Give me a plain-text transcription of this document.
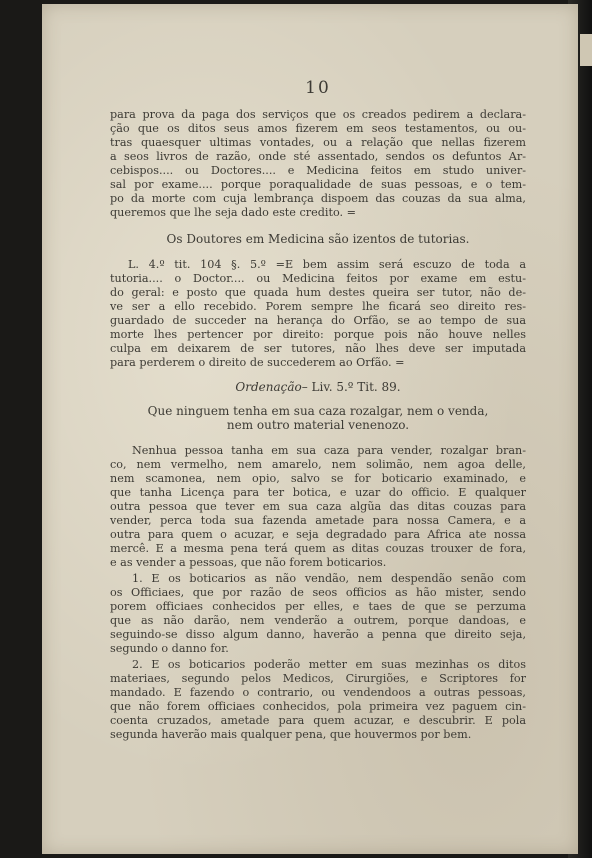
10
para prova da paga dos serviços que os creados pedirem a declara-
ção que os ditos seus amos fizerem em seos testamentos, ou ou-
tras quaesquer ultimas vontades, ou a relação que nellas fizerem
a seos livros de razão, onde sté assentado, sendos os defuntos Ar-
cebispos.... ou Doctores.... e Medicina feitos em studo univer-
sal por exame.... porque poraqualidade de suas pessoas, e o tem-
po da morte com cuja lembrança dispoem das couzas da sua alma,
queremos que lhe seja dado este credito. =
Os Doutores em Medicina são izentos de tutorias.
L. 4.º tit. 104 §. 5.º =E bem assim será escuzo de toda a
tutoria.... o Doctor.... ou Medicina feitos por exame em estu-
do geral: e posto que quada hum destes queira ser tutor, não de-
ve ser a ello recebido. Porem sempre lhe ficará seo direito res-
guardado de succeder na herança do Orfão, se ao tempo de sua
morte lhes pertencer por direito: porque pois não houve nelles
culpa em deixarem de ser tutores, não lhes deve ser imputada
para perderem o direito de succederem ao Orfão. =
Ordenação– Liv. 5.º Tit. 89.
Que ninguem tenha em sua caza rozalgar, nem o venda,
nem outro material venenozo.
Nenhua pessoa tanha em sua caza para vender, rozalgar bran-
co, nem vermelho, nem amarelo, nem solimão, nem agoa delle,
nem scamonea, nem opio, salvo se for boticario examinado, e
que tanha Licença para ter botica, e uzar do officio. E qualquer
outra pessoa que tever em sua caza algũa das ditas couzas para
vender, perca toda sua fazenda ametade para nossa Camera, e a
outra para quem o acuzar, e seja degradado para Africa ate nossa
mercê. E a mesma pena terá quem as ditas couzas trouxer de fora,
e as vender a pessoas, que não forem boticarios.
1. E os boticarios as não vendão, nem despendão senão com
os Officiaes, que por razão de seos officios as hão mister, sendo
porem officiaes conhecidos per elles, e taes de que se perzuma
que as não darão, nem venderão a outrem, porque dandoas, e
seguindo-se disso algum danno, haverão a penna que direito seja,
segundo o danno for.
2. E os boticarios poderão metter em suas mezinhas os ditos
materiaes, segundo pelos Medicos, Cirurgiões, e Scriptores for
mandado. E fazendo o contrario, ou vendendoos a outras pessoas,
que não forem officiaes conhecidos, pola primeira vez paguem cin-
coenta cruzados, ametade para quem acuzar, e descubrir. E pola
segunda haverão mais qualquer pena, que houvermos por bem.
